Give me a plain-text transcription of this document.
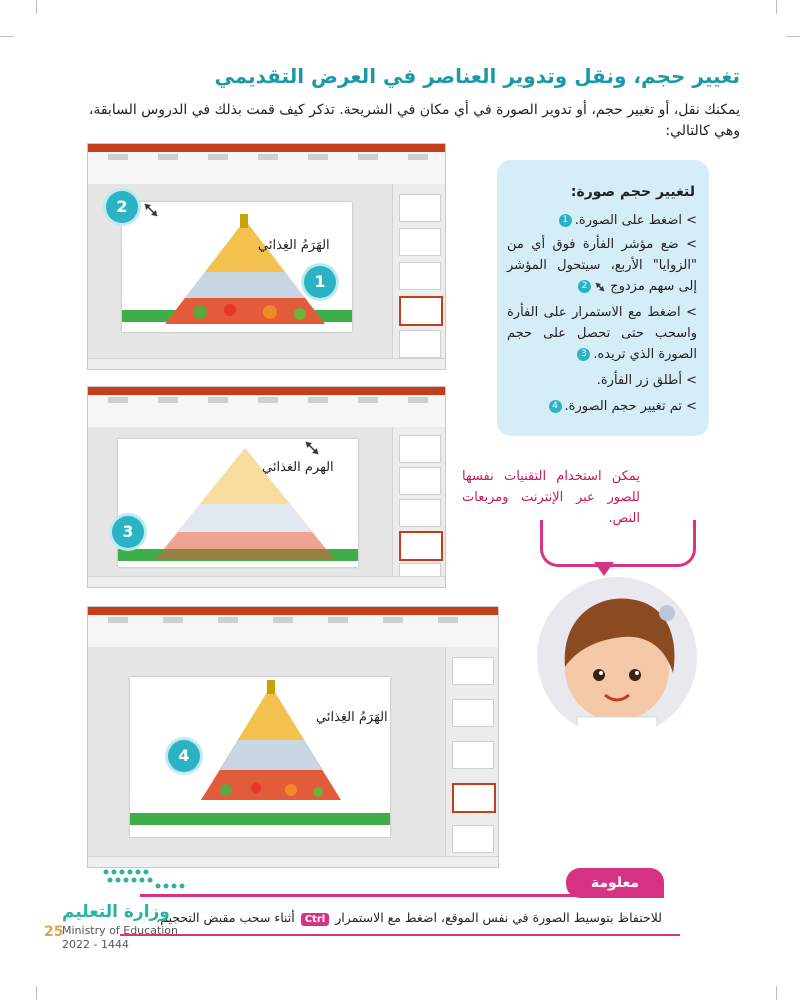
تغيير حجم، ونقل وتدوير العناصر في العرض التقديمي
يمكنك نقل، أو تغيير حجم، أو تدوير الصورة في أي مكان في الشريحة. تذكر كيف قمت بذلك في الدروس السابقة، وهي كالتالي:
الهَرَمُ الغِذائي
1
2
الهرم الغذائي
3
الهَرَمُ الغِذائي
4
لتغيير حجم صورة:
> اضغط على الصورة.1
> ضع مؤشر الفأرة فوق أي من "الزوايا" الأربع، سيتحول المؤشر إلى سهم مزدوج 2
> اضغط مع الاستمرار على الفأرة واسحب حتى تحصل على حجم الصورة الذي تريده.3
> أطلق زر الفأرة.
> تم تغيير حجم الصورة.4
يمكن استخدام التقنيات نفسها للصور عبر الإنترنت ومربعات النص.
معلومة
للاحتفاظ بتوسيط الصورة في نفس الموقع، اضغط مع الاستمرار Ctrl أثناء سحب مقبض التحجيم.
وزارة التعليم
Ministry of Education
2022 - 1444
25
